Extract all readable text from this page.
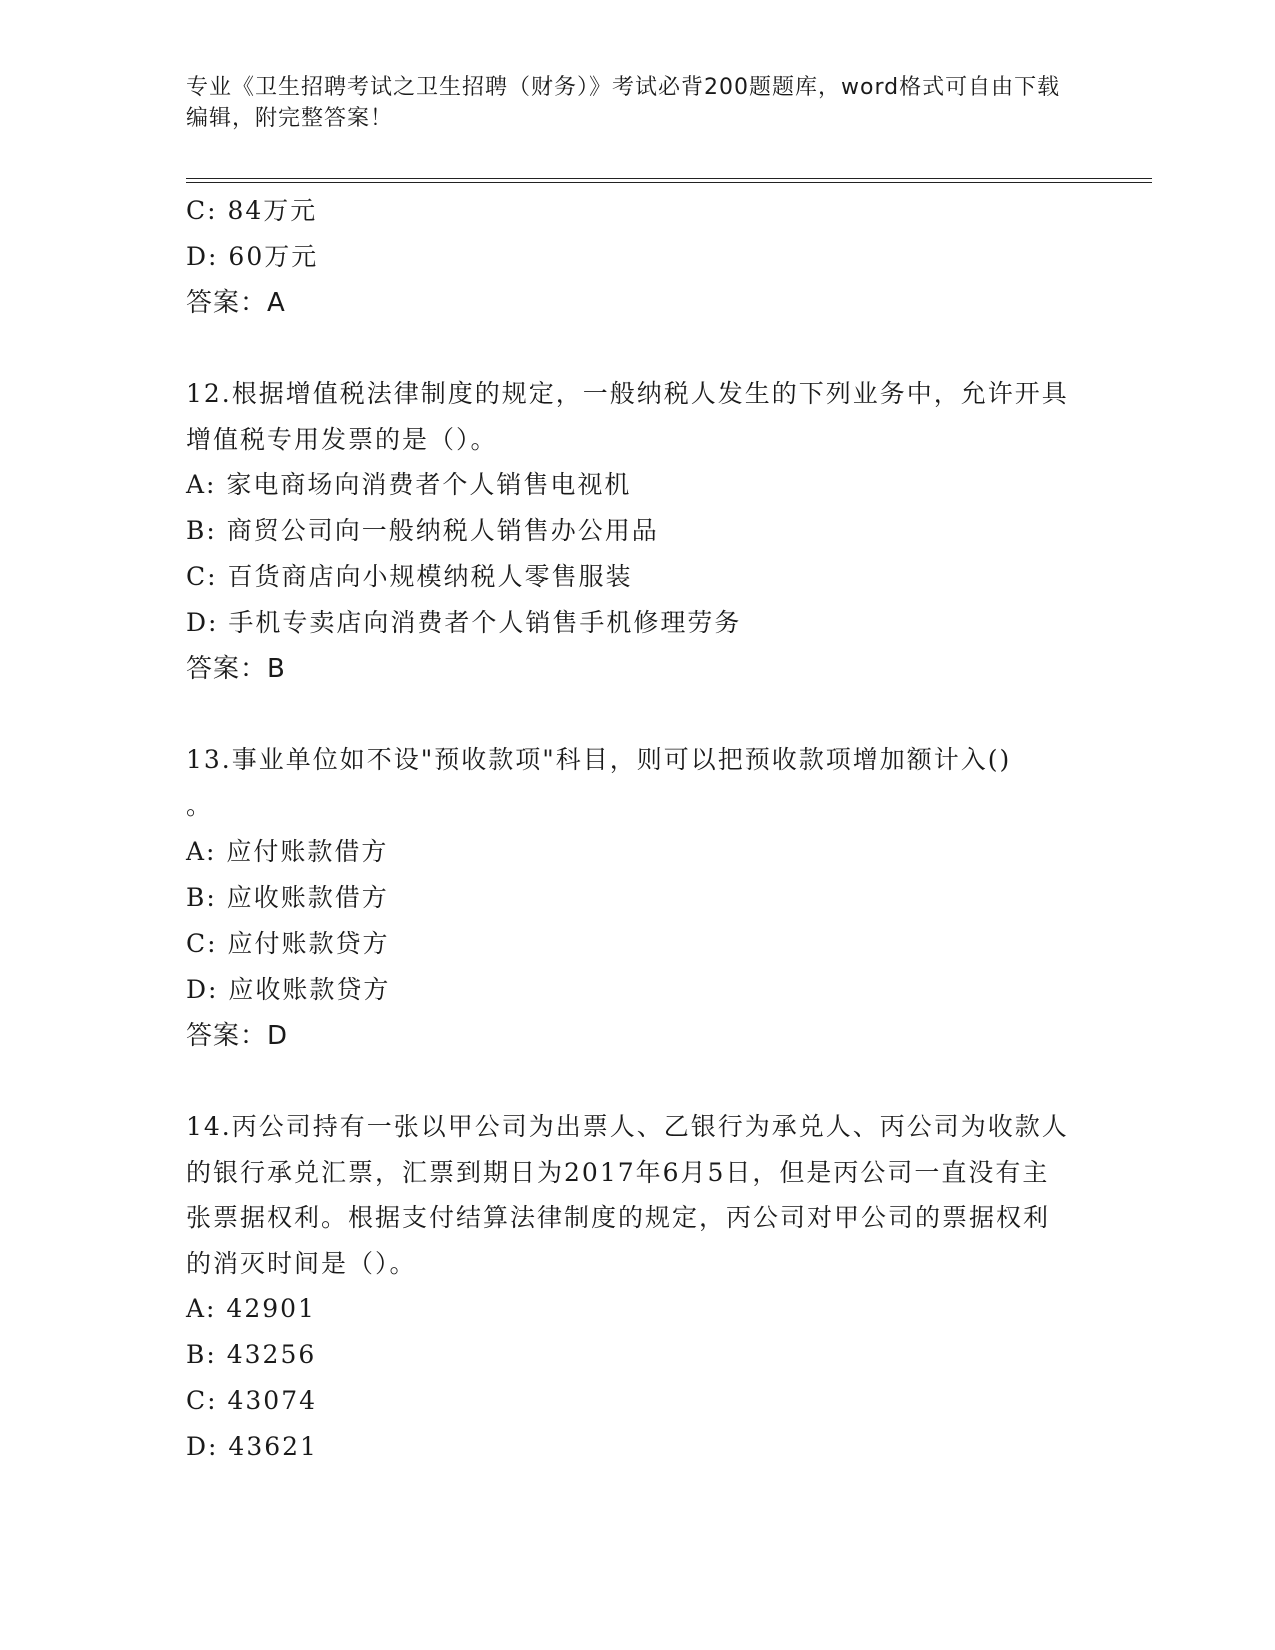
专业《卫生招聘考试之卫生招聘（财务）》考试必背200题题库，word格式可自由下载编辑，附完整答案！
C: 84万元
D: 60万元
答案：A
12.根据增值税法律制度的规定，一般纳税人发生的下列业务中，允许开具增值税专用发票的是（）。
A: 家电商场向消费者个人销售电视机
B: 商贸公司向一般纳税人销售办公用品
C: 百货商店向小规模纳税人零售服装
D: 手机专卖店向消费者个人销售手机修理劳务
答案：B
13.事业单位如不设"预收款项"科目，则可以把预收款项增加额计入()
。
A: 应付账款借方
B: 应收账款借方
C: 应付账款贷方
D: 应收账款贷方
答案：D
14.丙公司持有一张以甲公司为出票人、乙银行为承兑人、丙公司为收款人的银行承兑汇票，汇票到期日为2017年6月5日，但是丙公司一直没有主张票据权利。根据支付结算法律制度的规定，丙公司对甲公司的票据权利的消灭时间是（）。
A: 42901
B: 43256
C: 43074
D: 43621
